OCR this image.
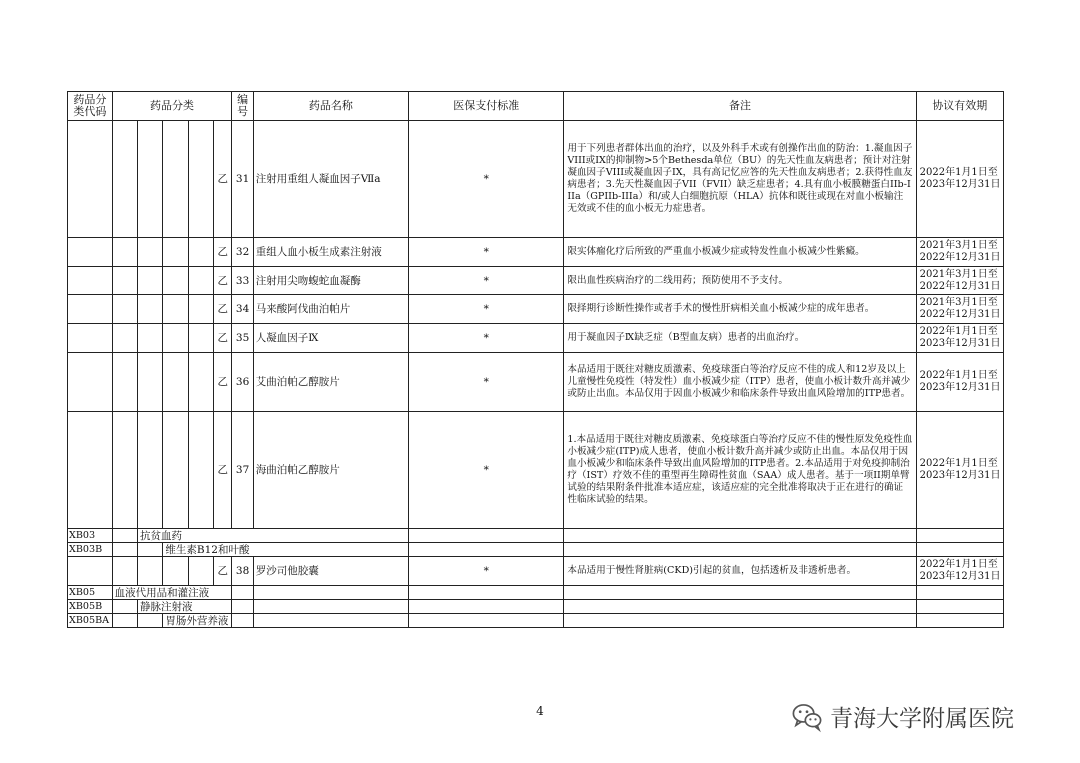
药品分类代码	药品分类					编号	药品名称	医保支付标准	备注	协议有效期
					乙	31	注射用重组人凝血因子Ⅶa	*	用于下列患者群体出血的治疗，以及外科手术或有创操作出血的防治：1.凝血因子VIII或IX的抑制物>5个Bethesda单位（BU）的先天性血友病患者；预计对注射凝血因子VIII或凝血因子IX，具有高记忆应答的先天性血友病患者；2.获得性血友病患者；3.先天性凝血因子VII（FVII）缺乏症患者；4.具有血小板膜糖蛋白IIb-IIIa（GPIIb-IIIa）和/或人白细胞抗原（HLA）抗体和既往或现在对血小板输注无效或不佳的血小板无力症患者。	2022年1月1日至
2023年12月31日

					乙	32	重组人血小板生成素注射液	*	限实体瘤化疗后所致的严重血小板减少症或特发性血小板减少性紫癜。	2021年3月1日至
2022年12月31日

					乙	33	注射用尖吻蝮蛇血凝酶	*	限出血性疾病治疗的二线用药；预防使用不予支付。	2021年3月1日至
2022年12月31日

					乙	34	马来酸阿伐曲泊帕片	*	限择期行诊断性操作或者手术的慢性肝病相关血小板减少症的成年患者。	2021年3月1日至
2022年12月31日

					乙	35	人凝血因子Ⅸ	*	用于凝血因子Ⅸ缺乏症（B型血友病）患者的出血治疗。	2022年1月1日至
2023年12月31日

					乙	36	艾曲泊帕乙醇胺片	*	本品适用于既往对糖皮质激素、免疫球蛋白等治疗反应不佳的成人和12岁及以上儿童慢性免疫性（特发性）血小板减少症（ITP）患者，使血小板计数升高并减少或防止出血。本品仅用于因血小板减少和临床条件导致出血风险增加的ITP患者。	2022年1月1日至
2023年12月31日

					乙	37	海曲泊帕乙醇胺片	*	1.本品适用于既往对糖皮质激素、免疫球蛋白等治疗反应不佳的慢性原发免疫性血小板减少症(ITP)成人患者，使血小板计数升高并减少或防止出血。本品仅用于因血小板减少和临床条件导致出血风险增加的ITP患者。2.本品适用于对免疫抑制治疗（IST）疗效不佳的重型再生障碍性贫血（SAA）成人患者。基于一项II期单臂试验的结果附条件批准本适应症，该适应症的完全批准将取决于正在进行的确证性临床试验的结果。	2022年1月1日至
2023年12月31日

XB03		抗贫血药								
XB03B			维生素B12和叶酸							
					乙	38	罗沙司他胶囊	*	本品适用于慢性肾脏病(CKD)引起的贫血，包括透析及非透析患者。	2022年1月1日至
2023年12月31日

XB05	血液代用品和灌注液									
XB05B		静脉注射液								
XB05BA			胃肠外营养液							
4	青海大学附属医院
